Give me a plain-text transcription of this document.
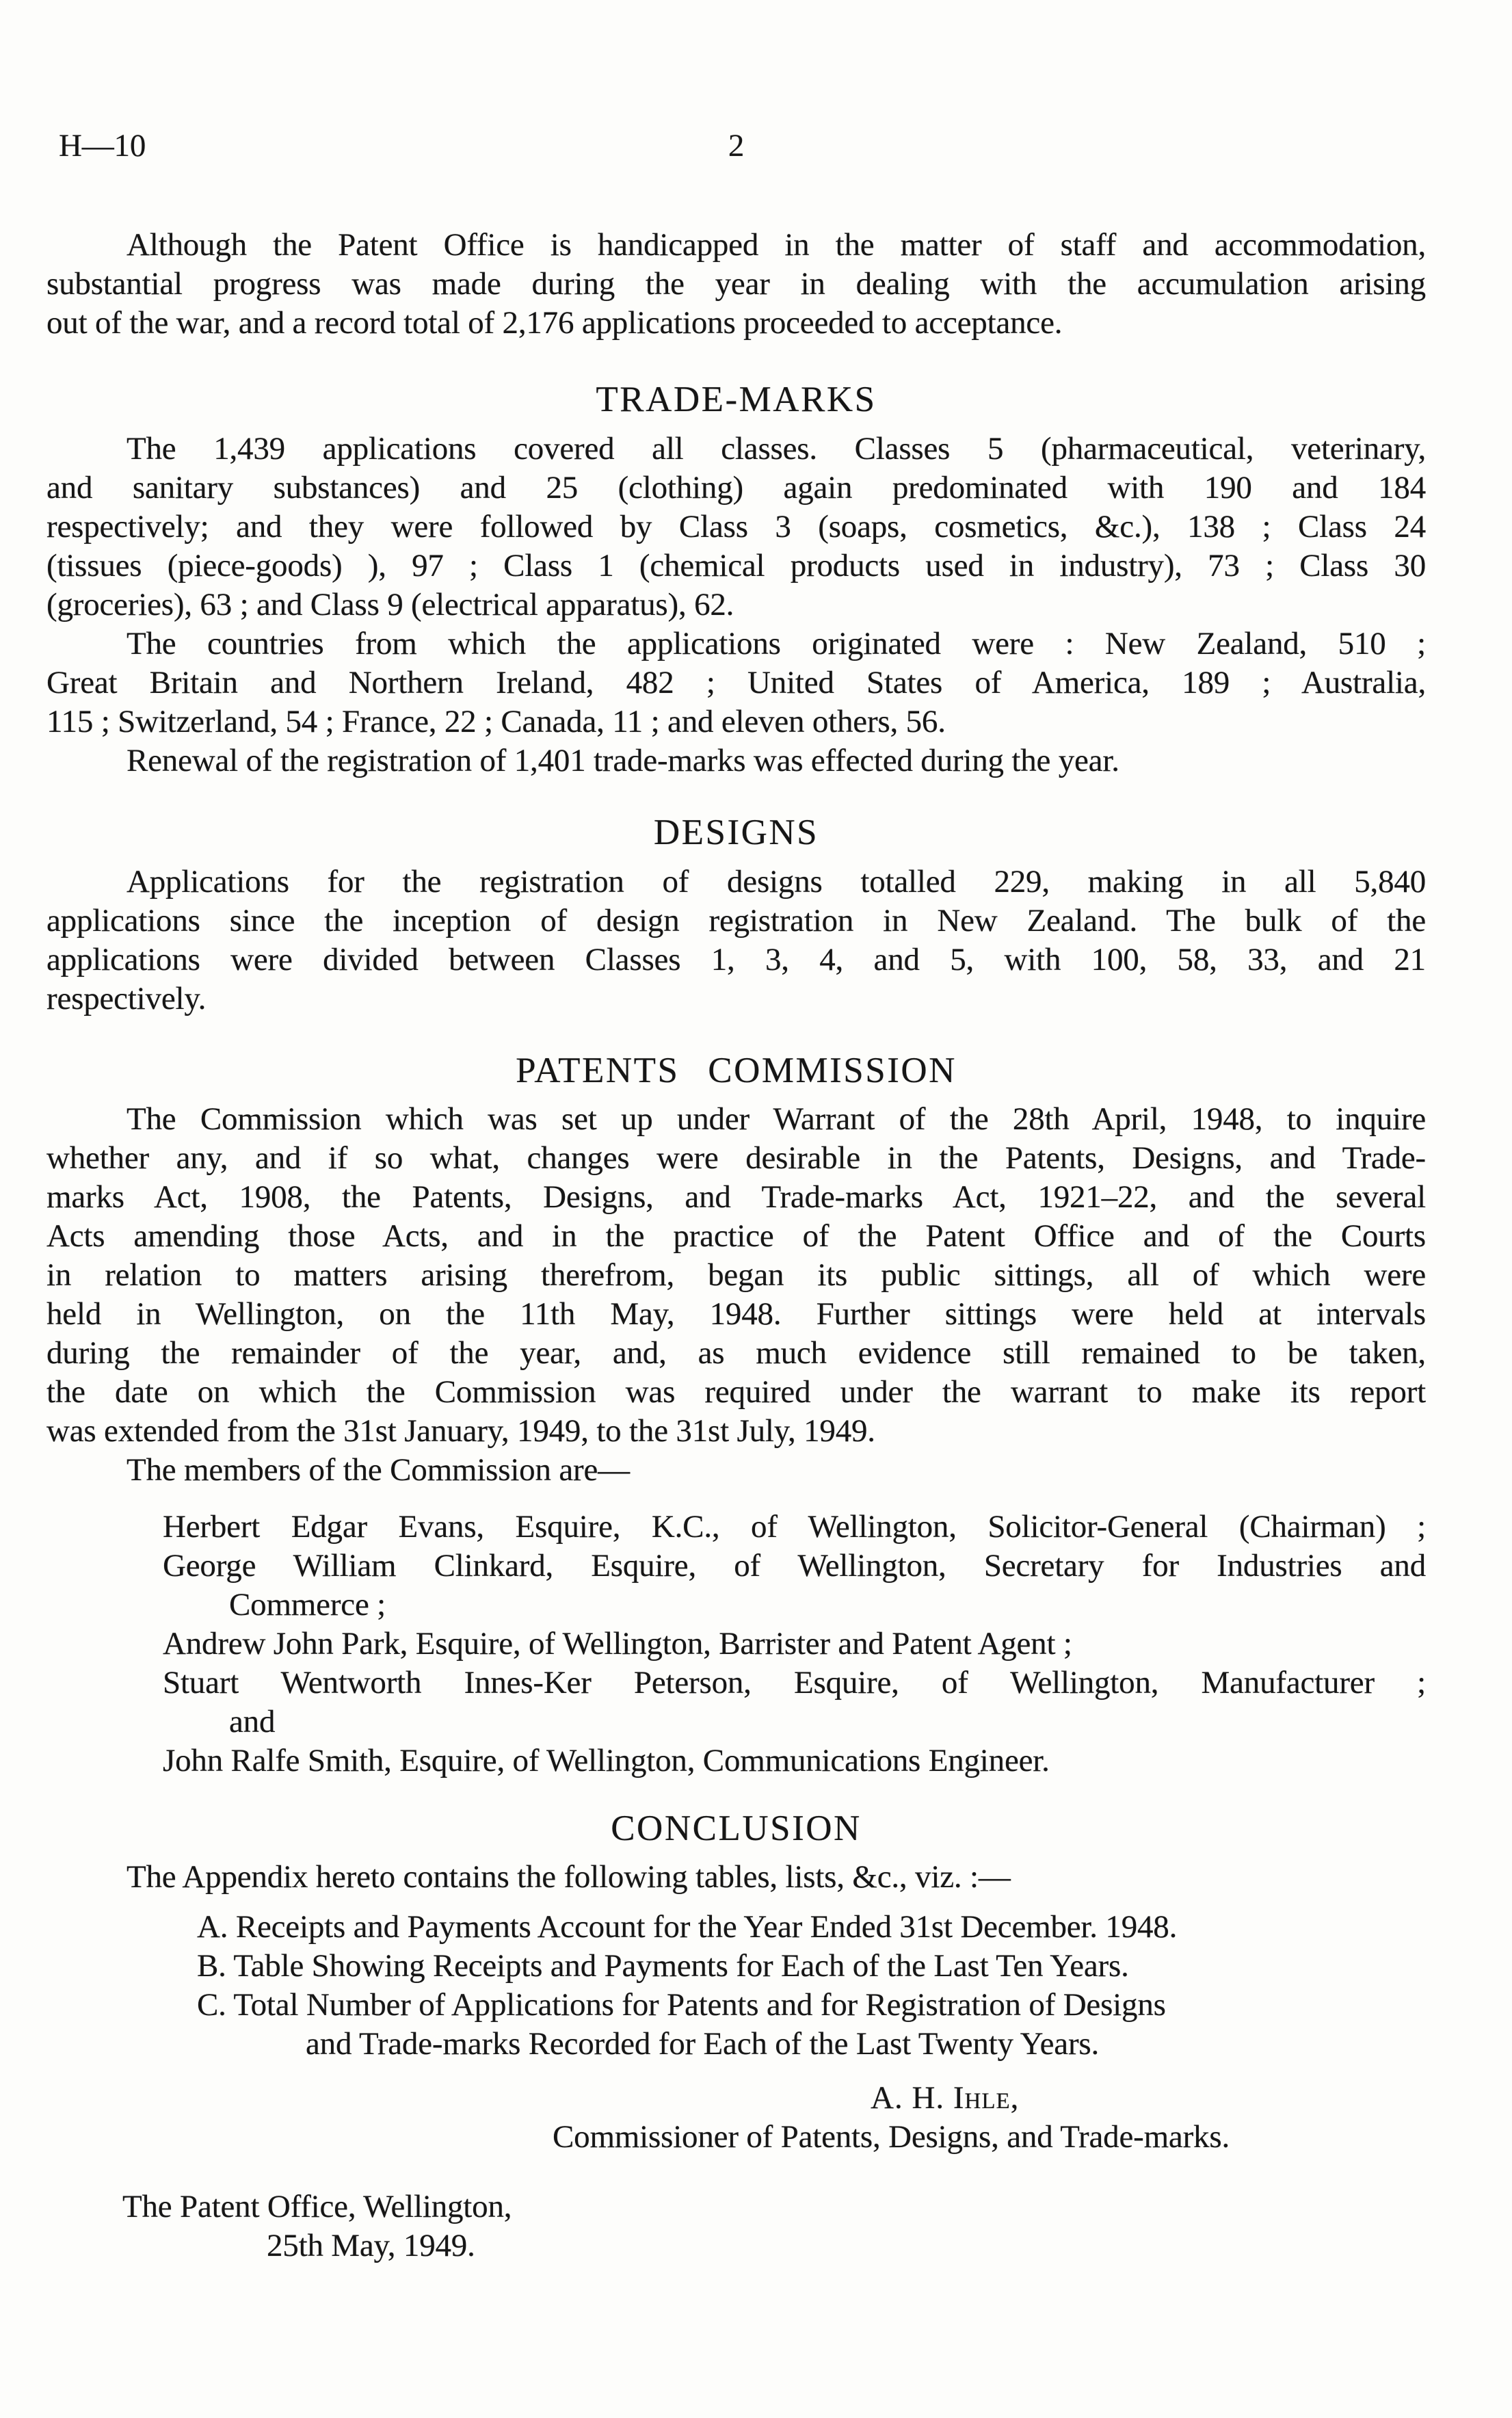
H—10	2
Although the Patent Office is handicapped in the matter of staff and accommodation,
substantial progress was made during the year in dealing with the accumulation arising
out of the war, and a record total of 2,176 applications proceeded to acceptance.
TRADE-MARKS
The 1,439 applications covered all classes. Classes 5 (pharmaceutical, veterinary,
and sanitary substances) and 25 (clothing) again predominated with 190 and 184
respectively; and they were followed by Class 3 (soaps, cosmetics, &c.), 138 ; Class 24
(tissues (piece-goods) ), 97 ; Class 1 (chemical products used in industry), 73 ; Class 30
(groceries), 63 ; and Class 9 (electrical apparatus), 62.
The countries from which the applications originated were : New Zealand, 510 ;
Great Britain and Northern Ireland, 482 ; United States of America, 189 ; Australia,
115 ; Switzerland, 54 ; France, 22 ; Canada, 11 ; and eleven others, 56.
Renewal of the registration of 1,401 trade-marks was effected during the year.
DESIGNS
Applications for the registration of designs totalled 229, making in all 5,840
applications since the inception of design registration in New Zealand. The bulk of the
applications were divided between Classes 1, 3, 4, and 5, with 100, 58, 33, and 21
respectively.
PATENTS COMMISSION
The Commission which was set up under Warrant of the 28th April, 1948, to inquire
whether any, and if so what, changes were desirable in the Patents, Designs, and Trade-
marks Act, 1908, the Patents, Designs, and Trade-marks Act, 1921–22, and the several
Acts amending those Acts, and in the practice of the Patent Office and of the Courts
in relation to matters arising therefrom, began its public sittings, all of which were
held in Wellington, on the 11th May, 1948. Further sittings were held at intervals
during the remainder of the year, and, as much evidence still remained to be taken,
the date on which the Commission was required under the warrant to make its report
was extended from the 31st January, 1949, to the 31st July, 1949.
The members of the Commission are—
Herbert Edgar Evans, Esquire, K.C., of Wellington, Solicitor-General (Chairman) ;
George William Clinkard, Esquire, of Wellington, Secretary for Industries and
Commerce ;
Andrew John Park, Esquire, of Wellington, Barrister and Patent Agent ;
Stuart Wentworth Innes-Ker Peterson, Esquire, of Wellington, Manufacturer ;
and
John Ralfe Smith, Esquire, of Wellington, Communications Engineer.
CONCLUSION
The Appendix hereto contains the following tables, lists, &c., viz. :—
A. Receipts and Payments Account for the Year Ended 31st December. 1948.
B. Table Showing Receipts and Payments for Each of the Last Ten Years.
C. Total Number of Applications for Patents and for Registration of Designs
and Trade-marks Recorded for Each of the Last Twenty Years.
A. H. Ihle,
Commissioner of Patents, Designs, and Trade-marks.
The Patent Office, Wellington,
25th May, 1949.
